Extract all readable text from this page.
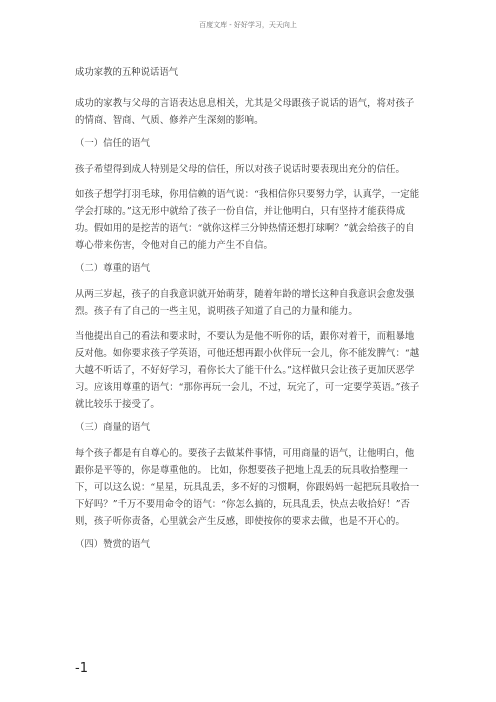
百度文库 - 好好学习，天天向上
成功家教的五种说话语气

成功的家教与父母的言语表达息息相关，尤其是父母跟孩子说话的语气，将对孩子的情商、智商、气质、修养产生深刻的影响。

（一）信任的语气

孩子希望得到成人特别是父母的信任，所以对孩子说话时要表现出充分的信任。

如孩子想学打羽毛球，你用信赖的语气说：“我相信你只要努力学，认真学，一定能学会打球的。”这无形中就给了孩子一份自信，并让他明白，只有坚持才能获得成功。假如用的是挖苦的语气：“就你这样三分钟热情还想打球啊？”就会给孩子的自尊心带来伤害，令他对自己的能力产生不自信。

（二）尊重的语气

从两三岁起，孩子的自我意识就开始萌芽，随着年龄的增长这种自我意识会愈发强烈。孩子有了自己的一些主见，说明孩子知道了自己的力量和能力。

当他提出自己的看法和要求时，不要认为是他不听你的话，跟你对着干，而粗暴地反对他。如你要求孩子学英语，可他还想再跟小伙伴玩一会儿，你不能发脾气：“越大越不听话了，不好好学习，看你长大了能干什么。”这样做只会让孩子更加厌恶学习。应该用尊重的语气：“那你再玩一会儿，不过，玩完了，可一定要学英语。”孩子就比较乐于接受了。

（三）商量的语气

每个孩子都是有自尊心的。要孩子去做某件事情，可用商量的语气，让他明白，他跟你是平等的，你是尊重他的。 比如，你想要孩子把地上乱丢的玩具收拾整理一下，可以这么说：“星星，玩具乱丢，多不好的习惯啊，你跟妈妈一起把玩具收拾一下好吗？”千万不要用命令的语气：“你怎么搞的，玩具乱丢，快点去收拾好！”否则，孩子听你责备，心里就会产生反感，即使按你的要求去做，也是不开心的。

（四）赞赏的语气
-1
